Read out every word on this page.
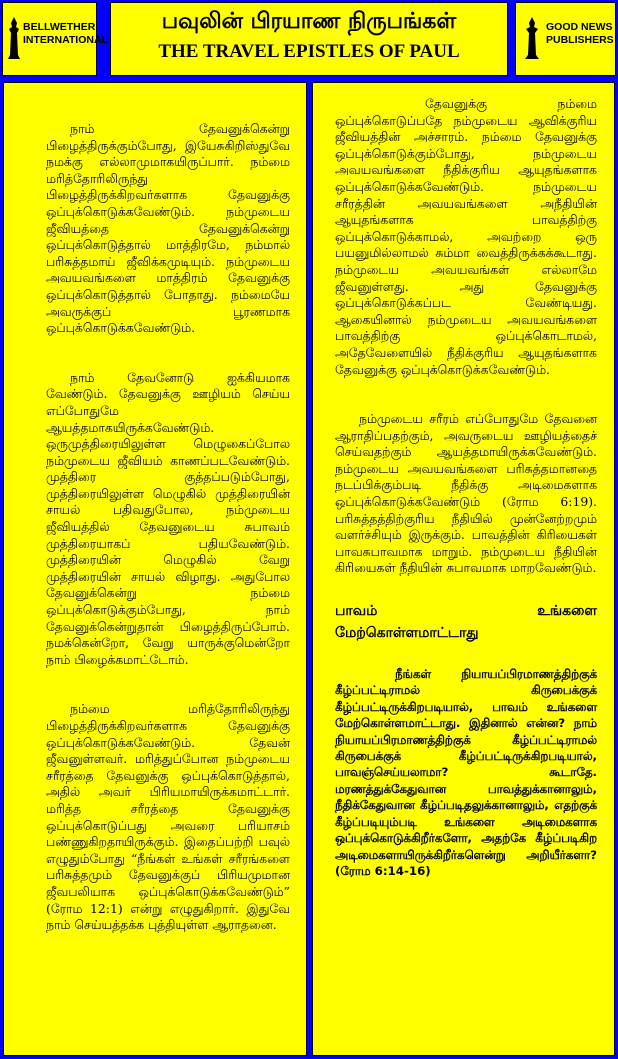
BELLWETHER
INTERNATIONAL
பவுலின் பிரயாண நிருபங்கள்
THE TRAVEL EPISTLES OF PAUL
GOOD NEWS
PUBLISHERS

நாம் தேவனுக்கென்று பிழைத்திருக்கும்போது, இயேசுகிறிஸ்துவே நமக்கு எல்லாமுமாகயிருப்பார். நம்மை மரித்தோரிலிருந்து பிழைத்திருக்கிறவர்களாக தேவனுக்கு ஒப்புக்கொடுக்கவேண்டும். நம்முடைய ஜீவியத்தை தேவனுக்கென்று ஒப்புக்கொடுத்தால் மாத்திரமே, நம்மால் பரிசுத்தமாய் ஜீவிக்கமுடியும். நம்முடைய அவயவங்களை மாத்திரம் தேவனுக்கு ஒப்புக்கொடுத்தால் போதாது. நம்மையே அவருக்குப் பூரணமாக ஒப்புக்கொடுக்கவேண்டும்.

நாம் தேவனோடு ஐக்கியமாக வேண்டும். தேவனுக்கு ஊழியம் செய்ய எப்போதுமே ஆயத்தமாகயிருக்கவேண்டும். ஒருமுத்திரையிலுள்ள மெழுகைப்போல நம்முடைய ஜீவியம் காணப்படவேண்டும். முத்திரை குத்தப்படும்போது, முத்திரையிலுள்ள மெழுகில் முத்திரையின் சாயல் பதிவதுபோல, நம்முடைய ஜீவியத்தில் தேவனுடைய சுபாவம் முத்திரையாகப் பதியவேண்டும். முத்திரையின் மெழுகில் வேறு முத்திரையின் சாயல் விழாது. அதுபோல தேவனுக்கென்று நம்மை ஒப்புக்கொடுக்கும்போது, நாம் தேவனுக்கென்றுதான் பிழைத்திருப்போம். நமக்கென்றோ, வேறு யாருக்குமென்றோ நாம் பிழைக்கமாட்டோம்.

நம்மை மரித்தோரிலிருந்து பிழைத்திருக்கிறவர்களாக தேவனுக்கு ஒப்புக்கொடுக்கவேண்டும். தேவன் ஜீவனுள்ளவர். மரித்துப்போன நம்முடைய சரீரத்தை தேவனுக்கு ஒப்புக்கொடுத்தால், அதில் அவர் பிரியமாயிருக்கமாட்டார். மரித்த சரீரத்தை தேவனுக்கு ஒப்புக்கொடுப்பது அவரை பரியாசம் பண்ணுகிறதாயிருக்கும். இதைப்பற்றி பவுல் எழுதும்போது “நீங்கள் உங்கள் சரீரங்களை பரிசுத்தமும் தேவனுக்குப் பிரியமுமான ஜீவபலியாக ஒப்புக்கொடுக்கவேண்டும்” (ரோம 12:1) என்று எழுதுகிறார். இதுவே நாம் செய்யத்தக்க புத்தியுள்ள ஆராதனை.

தேவனுக்கு நம்மை ஒப்புக்கொடுப்பதே நம்முடைய ஆவிக்குரிய ஜீவியத்தின் அச்சாரம். நம்மை தேவனுக்கு ஒப்புக்கொடுக்கும்போது, நம்முடைய அவயவங்களை நீதிக்குரிய ஆயுதங்களாக ஒப்புக்கொடுக்கவேண்டும். நம்முடைய சரீரத்தின் அவயவங்களை அநீதியின் ஆயுதங்களாக பாவத்திற்கு ஒப்புக்கொடுக்காமல், அவற்றை ஒரு பயனுமில்லாமல் சும்மா வைத்திருக்கக்கூடாது. நம்முடைய அவயவங்கள் எல்லாமே ஜீவனுள்ளது. அது தேவனுக்கு ஒப்புக்கொடுக்கப்பட வேண்டியது. ஆகையினால் நம்முடைய அவயவங்களை பாவத்திற்கு ஒப்புக்கொடாமல், அதேவேளையில் நீதிக்குரிய ஆயுதங்களாக தேவனுக்கு ஒப்புக்கொடுக்கவேண்டும்.

நம்முடைய சரீரம் எப்போதுமே தேவனை ஆராதிப்பதற்கும், அவருடைய ஊழியத்தைச் செய்வதற்கும் ஆயத்தமாயிருக்கவேண்டும். நம்முடைய அவயவங்களை பரிசுத்தமானதை நடப்பிக்கும்படி நீதிக்கு அடிமைகளாக ஒப்புக்கொடுக்கவேண்டும் (ரோம 6:19). பரிசுத்தத்திற்குரிய நீதியில் முன்னேற்றமும் வளர்ச்சியும் இருக்கும். பாவத்தின் கிரியைகள் பாவசுபாவமாக மாறும். நம்முடைய நீதியின் கிரியைகள் நீதியின் சுபாவமாக மாறவேண்டும்.

பாவம் உங்களை
மேற்கொள்ளமாட்டாது

நீங்கள் நியாயப்பிரமாணத்திற்குக் கீழ்ப்பட்டிராமல் கிருபைக்குக் கீழ்ப்பட்டிருக்கிறபடியால், பாவம் உங்களை மேற்கொள்ளமாட்டாது. இதினால் என்ன? நாம் நியாயப்பிரமாணத்திற்குக் கீழ்ப்பட்டிராமல் கிருபைக்குக் கீழ்ப்பட்டிருக்கிறபடியால், பாவஞ்செய்யலாமா? கூடாதே. மரணத்துக்கேதுவான பாவத்துக்கானாலும், நீதிக்கேதுவான கீழ்ப்படிதலுக்கானாலும், எதற்குக் கீழ்ப்படியும்படி உங்களை அடிமைகளாக ஒப்புக்கொடுக்கிறீர்களோ, அதற்கே கீழ்ப்படிகிற அடிமைகளாயிருக்கிறீர்களென்று அறியீர்களா? (ரோம 6:14-16)
